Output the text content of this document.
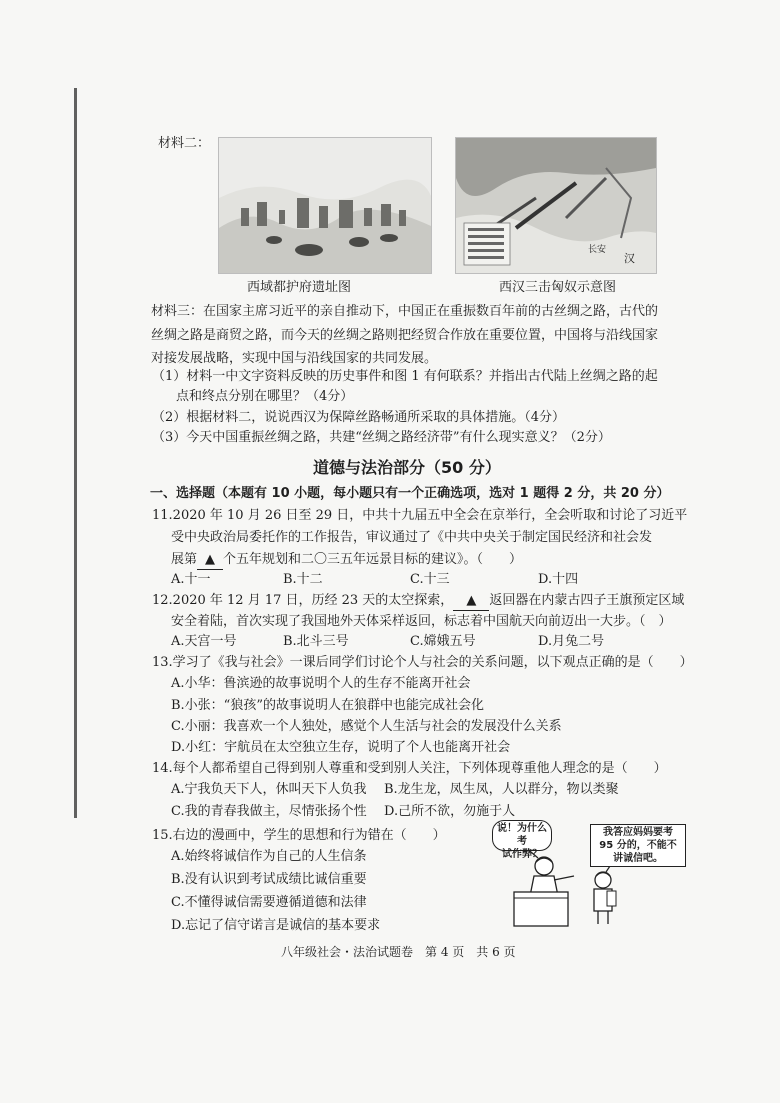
材料二：
长安
汉
西域都护府遗址图	西汉三击匈奴示意图
材料三：在国家主席习近平的亲自推动下，中国正在重振数百年前的古丝绸之路，古代的
丝绸之路是商贸之路，而今天的丝绸之路则把经贸合作放在重要位置，中国将与沿线国家
对接发展战略，实现中国与沿线国家的共同发展。
（1）材料一中文字资料反映的历史事件和图 1 有何联系？并指出古代陆上丝绸之路的起
点和终点分别在哪里？（4分）
（2）根据材料二，说说西汉为保障丝路畅通所采取的具体措施。（4分）
（3）今天中国重振丝绸之路，共建“丝绸之路经济带”有什么现实意义？（2分）
道德与法治部分（50 分）
一、选择题（本题有 10 小题，每小题只有一个正确选项，选对 1 题得 2 分，共 20 分）
11.2020 年 10 月 26 日至 29 日，中共十九届五中全会在京举行，全会听取和讨论了习近平
受中央政治局委托作的工作报告，审议通过了《中共中央关于制定国民经济和社会发
展第 ▲ 个五年规划和二〇三五年远景目标的建议》。（　　）
A.十一	B.十二	C.十三	D.十四
12.2020 年 12 月 17 日，历经 23 天的太空探索， ▲ 返回器在内蒙古四子王旗预定区域
安全着陆，首次实现了我国地外天体采样返回，标志着中国航天向前迈出一大步。（　）
A.天宫一号	B.北斗三号	C.嫦娥五号	D.月兔二号
13.学习了《我与社会》一课后同学们讨论个人与社会的关系问题，以下观点正确的是（　　）
A.小华：鲁滨逊的故事说明个人的生存不能离开社会
B.小张：“狼孩”的故事说明人在狼群中也能完成社会化
C.小丽：我喜欢一个人独处，感觉个人生活与社会的发展没什么关系
D.小红：宇航员在太空独立生存，说明了个人也能离开社会
14.每个人都希望自己得到别人尊重和受到别人关注，下列体现尊重他人理念的是（　　）
A.宁我负天下人，休叫天下人负我 B.龙生龙，凤生凤，人以群分，物以类聚
C.我的青春我做主，尽情张扬个性 D.己所不欲，勿施于人
15.右边的漫画中，学生的思想和行为错在（　　）
A.始终将诚信作为自己的人生信条
B.没有认识到考试成绩比诚信重要
C.不懂得诚信需要遵循道德和法律
D.忘记了信守诺言是诚信的基本要求
说！为什么考
试作弊？
我答应妈妈要考
95 分的，不能不
讲诚信吧。
八年级社会・法治试题卷　第 4 页　共 6 页
